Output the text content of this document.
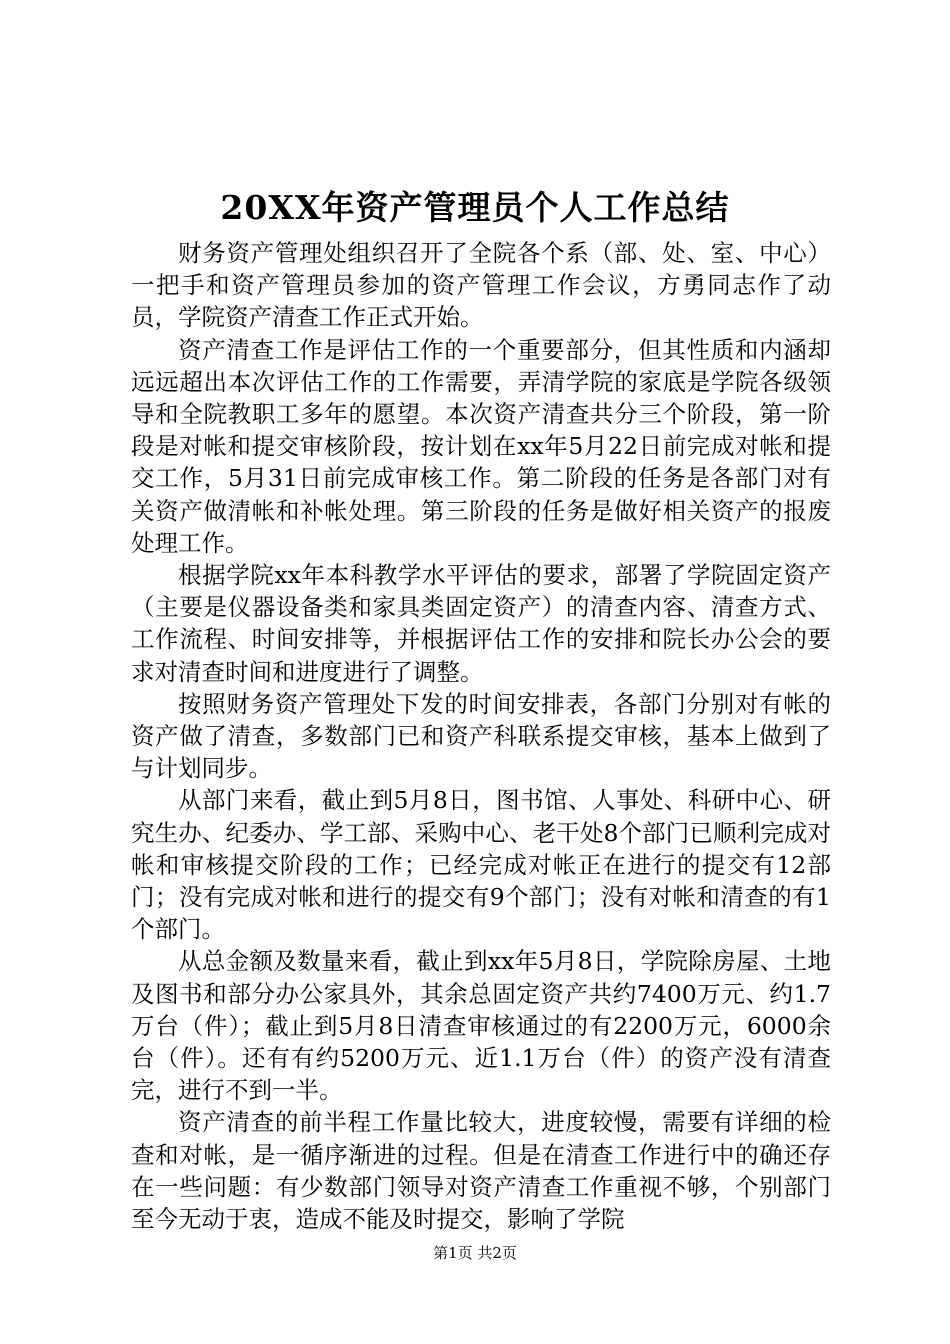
20XX年资产管理员个人工作总结

财务资产管理处组织召开了全院各个系（部、处、室、中心）一把手和资产管理员参加的资产管理工作会议，方勇同志作了动员，学院资产清查工作正式开始。

资产清查工作是评估工作的一个重要部分，但其性质和内涵却远远超出本次评估工作的工作需要，弄清学院的家底是学院各级领导和全院教职工多年的愿望。本次资产清查共分三个阶段，第一阶段是对帐和提交审核阶段，按计划在xx年5月22日前完成对帐和提交工作，5月31日前完成审核工作。第二阶段的任务是各部门对有关资产做清帐和补帐处理。第三阶段的任务是做好相关资产的报废处理工作。

根据学院xx年本科教学水平评估的要求，部署了学院固定资产（主要是仪器设备类和家具类固定资产）的清查内容、清查方式、工作流程、时间安排等，并根据评估工作的安排和院长办公会的要求对清查时间和进度进行了调整。

按照财务资产管理处下发的时间安排表，各部门分别对有帐的资产做了清查，多数部门已和资产科联系提交审核，基本上做到了与计划同步。

从部门来看，截止到5月8日，图书馆、人事处、科研中心、研究生办、纪委办、学工部、采购中心、老干处8个部门已顺利完成对帐和审核提交阶段的工作；已经完成对帐正在进行的提交有12部门；没有完成对帐和进行的提交有9个部门；没有对帐和清查的有1个部门。

从总金额及数量来看，截止到xx年5月8日，学院除房屋、土地及图书和部分办公家具外，其余总固定资产共约7400万元、约1.7万台（件）；截止到5月8日清查审核通过的有2200万元，6000余台（件）。还有有约5200万元、近1.1万台（件）的资产没有清查完，进行不到一半。

资产清查的前半程工作量比较大，进度较慢，需要有详细的检查和对帐，是一循序渐进的过程。但是在清查工作进行中的确还存在一些问题：有少数部门领导对资产清查工作重视不够，个别部门至今无动于衷，造成不能及时提交，影响了学院

第1页 共2页
